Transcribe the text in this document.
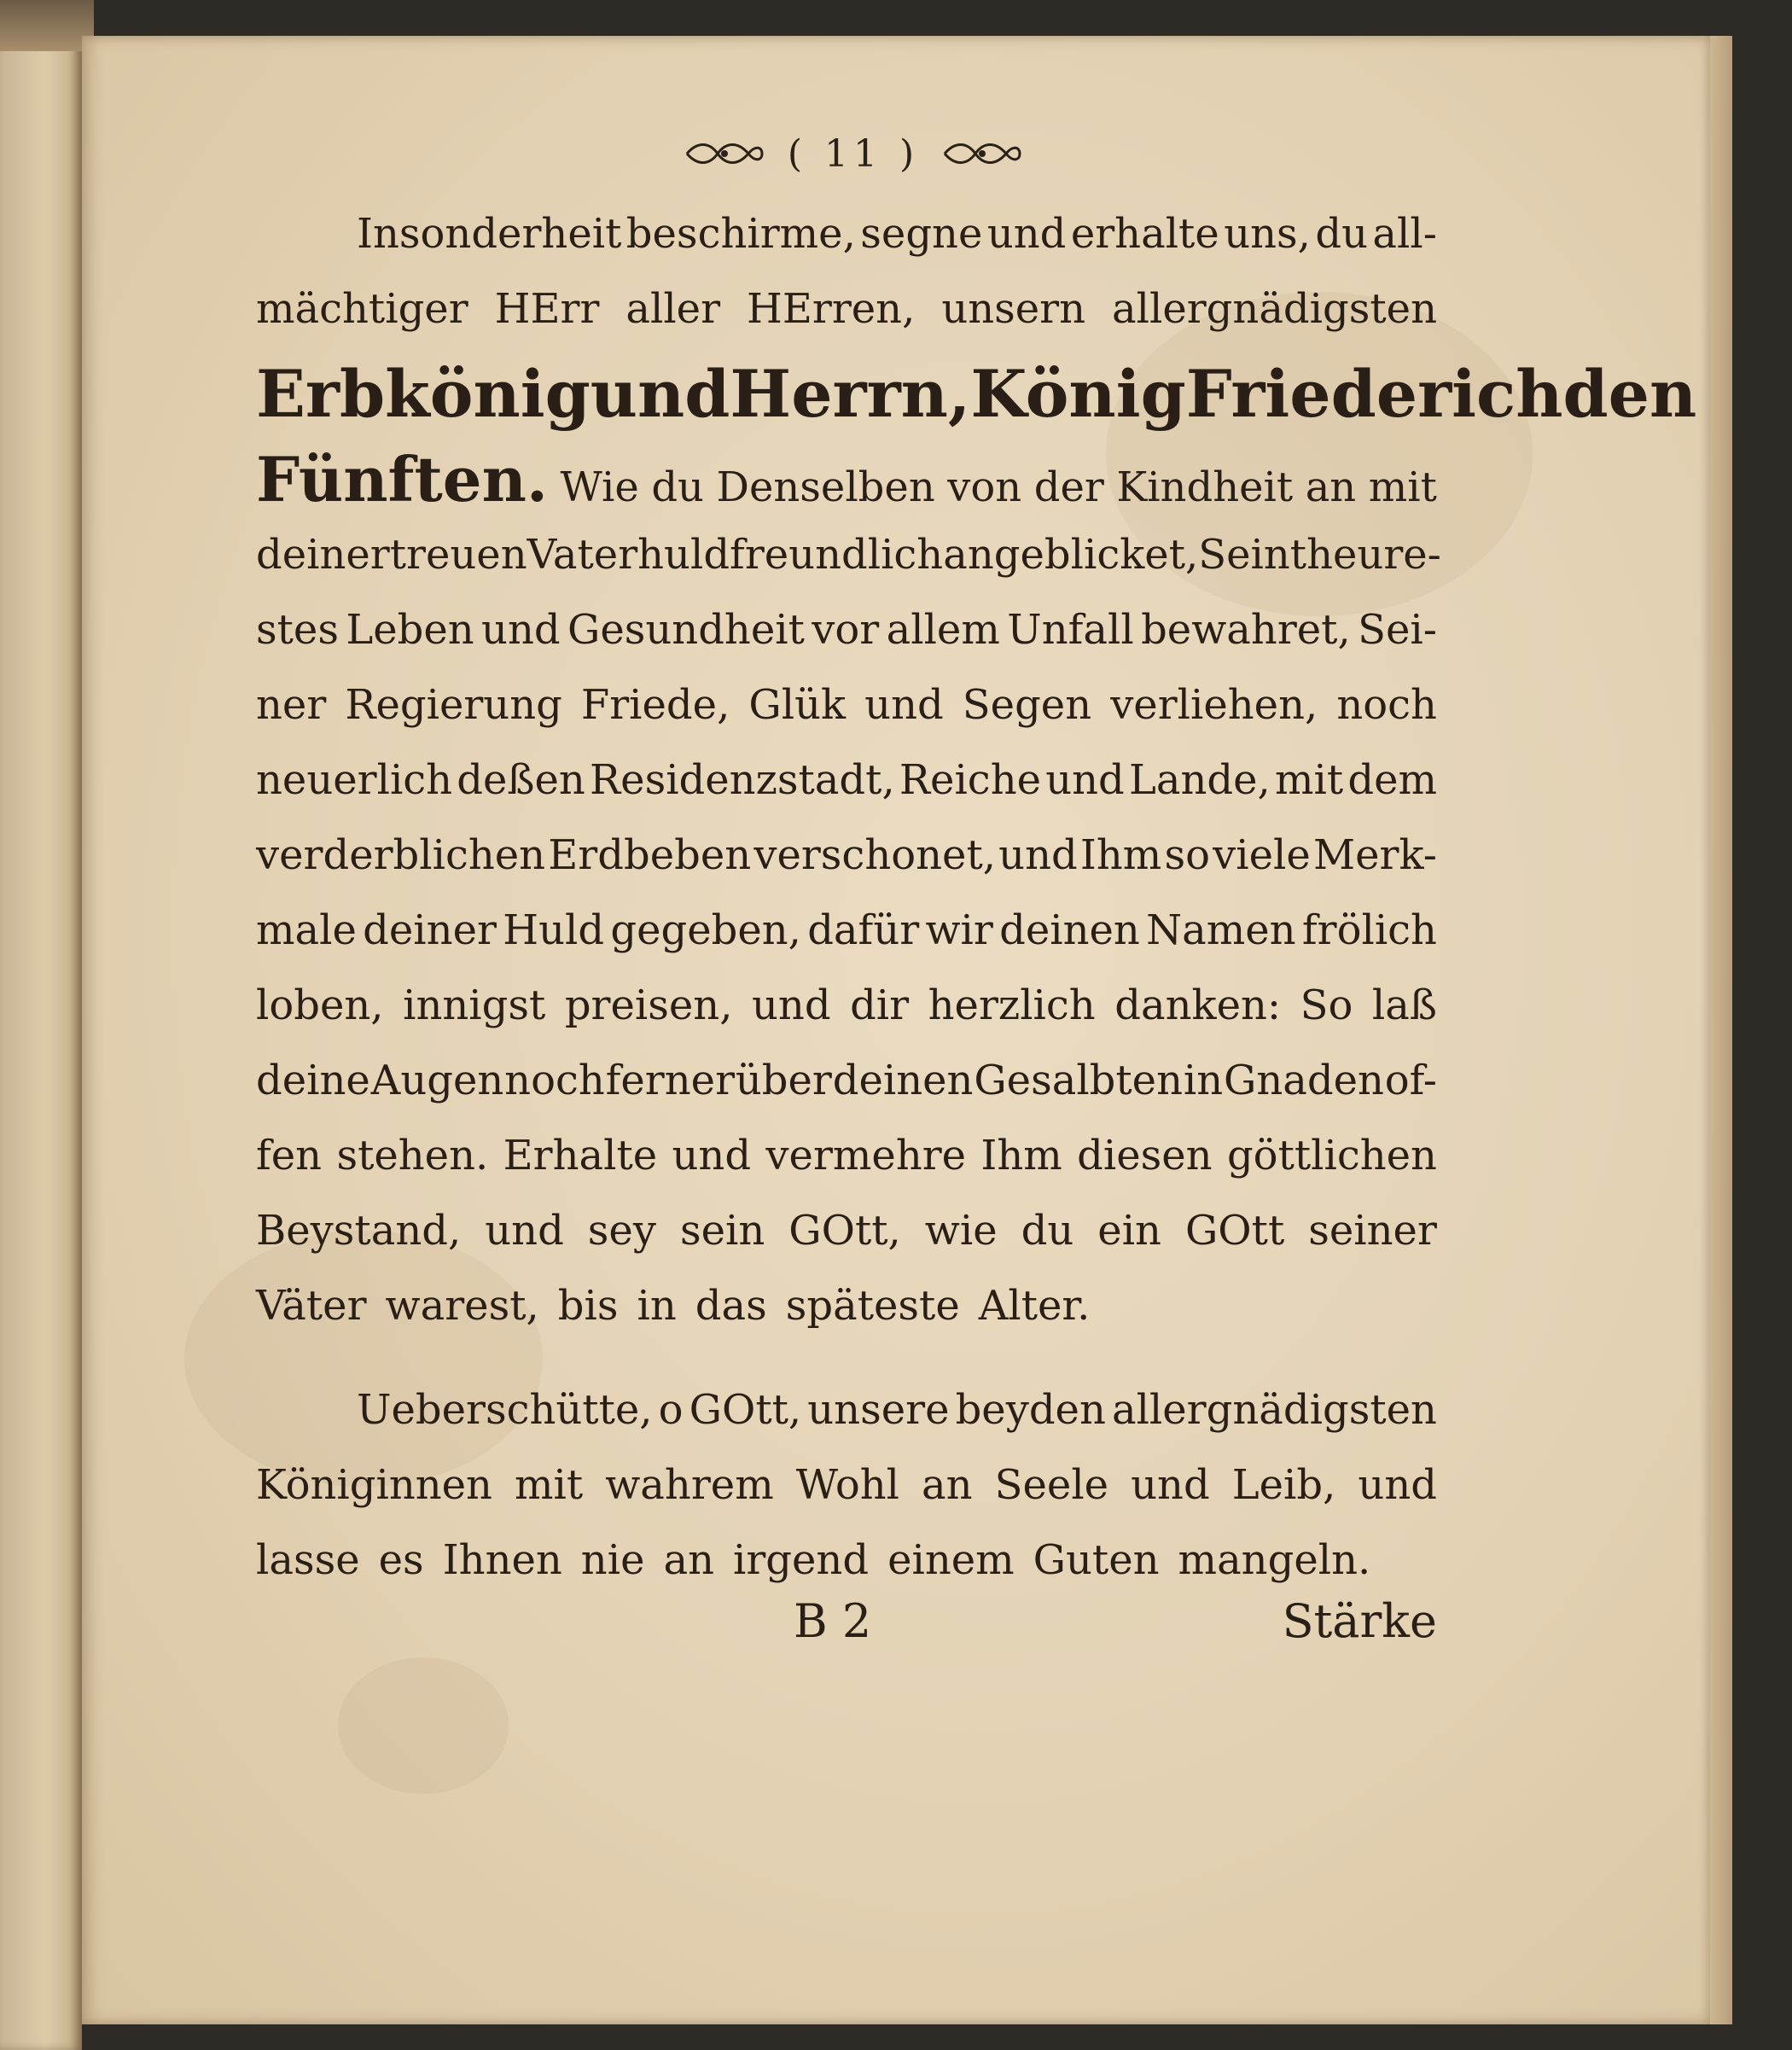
( 11 )
Insonderheit beschirme, segne und erhalte uns, du all-
mächtiger HErr aller HErren, unsern allergnädigsten
Erbkönig und Herrn, König Friederich den
Fünften. Wie du Denselben von der Kindheit an mit
deiner treuen Vaterhuld freundlich angeblicket, Sein theure-
stes Leben und Gesundheit vor allem Unfall bewahret, Sei-
ner Regierung Friede, Glük und Segen verliehen, noch
neuerlich deßen Residenzstadt, Reiche und Lande, mit dem
verderblichen Erdbeben verschonet, und Ihm so viele Merk-
male deiner Huld gegeben, dafür wir deinen Namen frölich
loben, innigst preisen, und dir herzlich danken: So laß
deine Augen noch ferner über deinen Gesalbten in Gnaden of-
fen stehen. Erhalte und vermehre Ihm diesen göttlichen
Beystand, und sey sein GOtt, wie du ein GOtt seiner
Väter warest, bis in das späteste Alter.
Ueberschütte, o GOtt, unsere beyden allergnädigsten
Königinnen mit wahrem Wohl an Seele und Leib, und
lasse es Ihnen nie an irgend einem Guten mangeln.
B 2	Stärke
